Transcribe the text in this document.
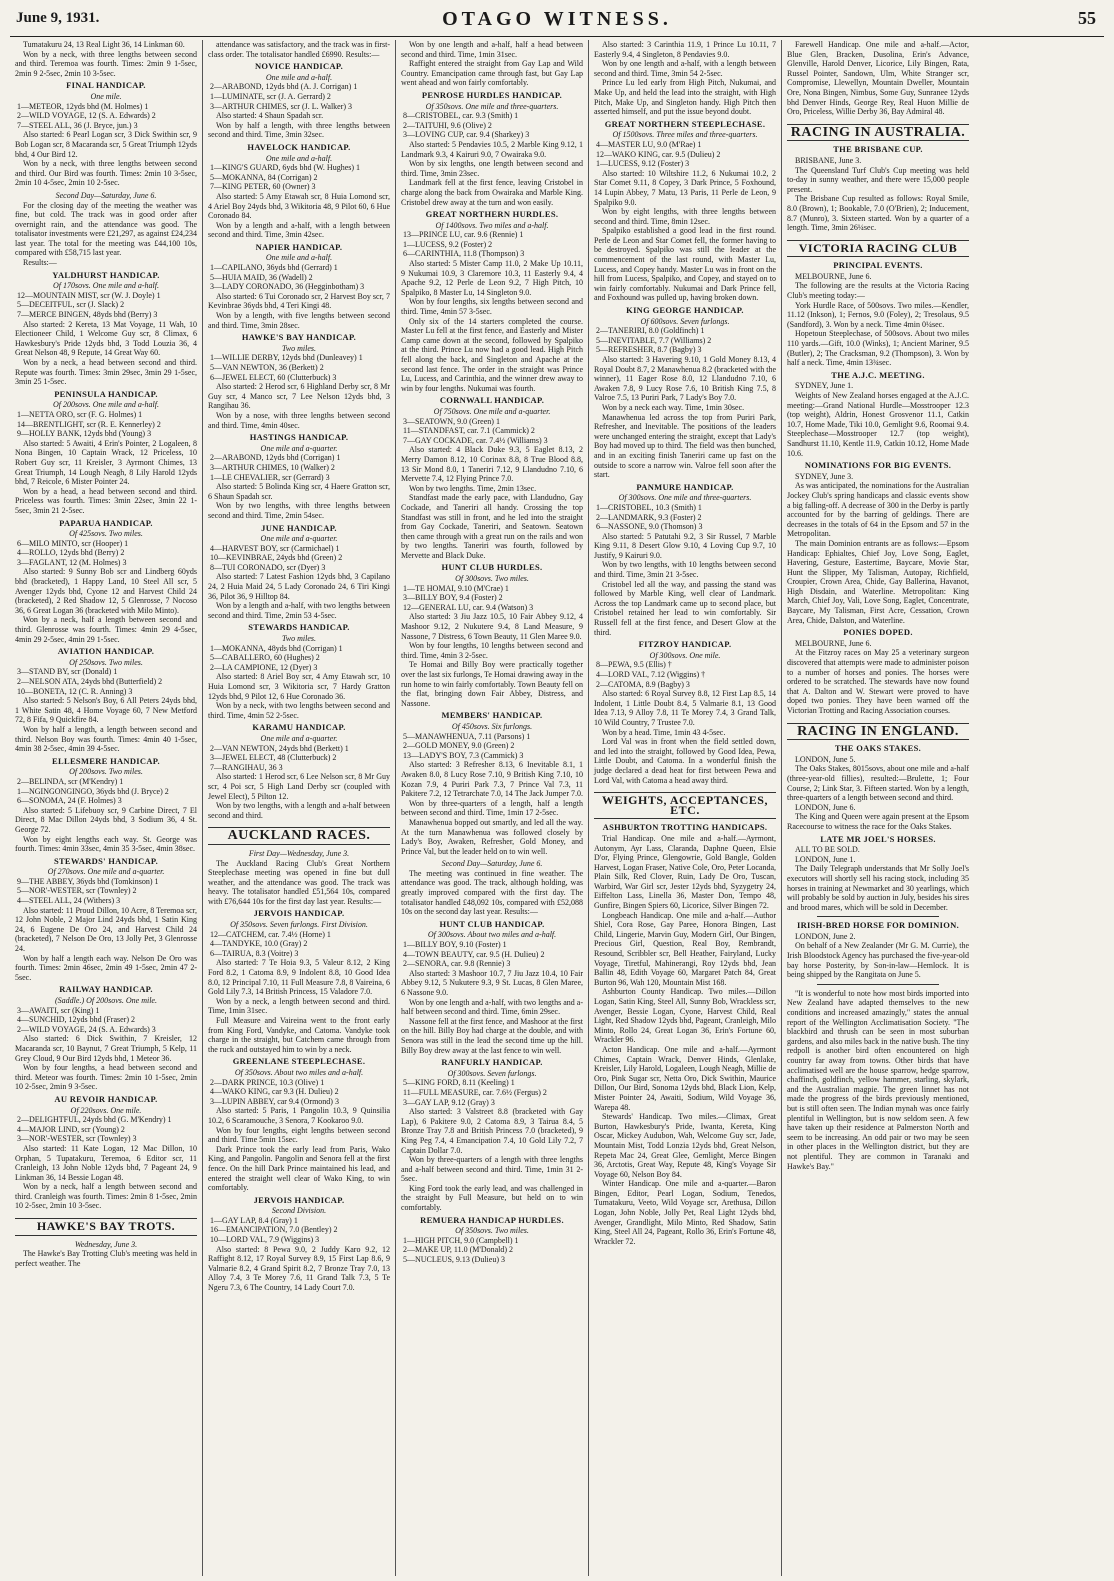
June 9, 1931.	OTAGO WITNESS.	55

Tumatakuru 24, 13 Real Light 36, 14 Linkman 60.

Won by a neck, with three lengths between second and third. Teremoa was fourth. Times: 2min 9 1-5sec, 2min 9 2-5sec, 2min 10 3-5sec.

FINAL HANDICAP.
One mile.
1—METEOR, 12yds bhd (M. Holmes) 1
2—WILD VOYAGE, 12 (S. A. Edwards) 2
7—STEEL ALL, 36 (J. Bryce, jun.) 3

Also started: 6 Pearl Logan scr, 3 Dick Swithin scr, 9 Bob Logan scr, 8 Macaranda scr, 5 Great Triumph 12yds bhd, 4 Our Bird 12.

Won by a neck, with three lengths between second and third. Our Bird was fourth. Times: 2min 10 3-5sec, 2min 10 4-5sec, 2min 10 2-5sec.

Second Day—Saturday, June 6.

For the closing day of the meeting the weather was fine, but cold. The track was in good order after overnight rain, and the attendance was good. The totalisator investments were £21,297, as against £24,234 last year. The total for the meeting was £44,100 10s, compared with £58,715 last year.

Results:—

YALDHURST HANDICAP.
Of 170sovs. One mile and a-half.
12—MOUNTAIN MIST, scr (W. J. Doyle) 1
5—DECEITFUL, scr (J. Slack) 2
7—MERCE BINGEN, 48yds bhd (Berry) 3

Also started: 2 Kereta, 13 Mat Voyage, 11 Wah, 10 Electioneer Child, 1 Welcome Guy scr, 8 Climax, 6 Hawkesbury's Pride 12yds bhd, 3 Todd Louzia 36, 4 Great Nelson 48, 9 Repute, 14 Great Way 60.

Won by a neck, a head between second and third. Repute was fourth. Times: 3min 29sec, 3min 29 1-5sec, 3min 25 1-5sec.

PENINSULA HANDICAP.
Of 200sovs. One mile and a-half.
1—NETTA ORO, scr (F. G. Holmes) 1
14—BRENTLIGHT, scr (R. E. Kennerley) 2
9—HOLLY BANK, 12yds bhd (Young) 3

Also started: 5 Awaiti, 4 Erin's Pointer, 2 Logaleen, 8 Nona Bingen, 10 Captain Wrack, 12 Priceless, 10 Robert Guy scr, 11 Kreisler, 3 Ayrmont Chimes, 13 Great Triumph, 14 Lough Neagh, 8 Lily Harold 12yds bhd, 7 Reicole, 6 Mister Pointer 24.

Won by a head, a head between second and third. Priceless was fourth. Times: 3min 22sec, 3min 22 1-5sec, 3min 21 2-5sec.

PAPARUA HANDICAP.
Of 425sovs. Two miles.
6—MILO MINTO, scr (Hooper) 1
4—ROLLO, 12yds bhd (Berry) 2
3—FAGLANT, 12 (M. Holmes) 3

Also started: 9 Sunny Bob scr and Lindberg 60yds bhd (bracketed), 1 Happy Land, 10 Steel All scr, 5 Avenger 12yds bhd, Cyone 12 and Harvest Child 24 (bracketed), 2 Red Shadow 12, 5 Glenrosse, 7 Nocoso 36, 6 Great Logan 36 (bracketed with Milo Minto).

Won by a neck, half a length between second and third. Glenrosse was fourth. Times: 4min 29 4-5sec, 4min 29 2-5sec, 4min 29 1-5sec.

AVIATION HANDICAP.
Of 250sovs. Two miles.
3—STAND BY, scr (Donald) 1
2—NELSON ATA, 24yds bhd (Butterfield) 2
10—BONETA, 12 (C. R. Anning) 3

Also started: 5 Nelson's Boy, 6 All Peters 24yds bhd, 1 White Satin 48, 4 Home Voyage 60, 7 New Metford 72, 8 Fifa, 9 Quickfire 84.

Won by half a length, a length between second and third. Nelson Boy was fourth. Times: 4min 40 1-5sec, 4min 38 2-5sec, 4min 39 4-5sec.

ELLESMERE HANDICAP.
Of 200sovs. Two miles.
2—BELINDA, scr (M'Kendry) 1
1—NGINGONGINGO, 36yds bhd (J. Bryce) 2
6—SONOMA, 24 (F. Holmes) 3

Also started: 5 Lifebuoy scr, 9 Carbine Direct, 7 El Direct, 8 Mac Dillon 24yds bhd, 3 Sodium 36, 4 St. George 72.

Won by eight lengths each way. St. George was fourth. Times: 4min 33sec, 4min 35 3-5sec, 4min 38sec.

STEWARDS' HANDICAP.
Of 270sovs. One mile and a-quarter.
9—THE ABBEY, 36yds bhd (Tomkinson) 1
5—NOR'-WESTER, scr (Townley) 2
4—STEEL ALL, 24 (Withers) 3

Also started: 11 Proud Dillon, 10 Acre, 8 Teremoa scr, 12 John Noble, 2 Major Lind 24yds bhd, 1 Satin King 24, 6 Eugene De Oro 24, and Harvest Child 24 (bracketed), 7 Nelson De Oro, 13 Jolly Pet, 3 Glenrosse 24.

Won by half a length each way. Nelson De Oro was fourth. Times: 2min 46sec, 2min 49 1-5sec, 2min 47 2-5sec.

RAILWAY HANDICAP.
(Saddle.) Of 200sovs. One mile.
3—AWAITI, scr (King) 1
4—SUNCHID, 12yds bhd (Fraser) 2
2—WILD VOYAGE, 24 (S. A. Edwards) 3

Also started: 6 Dick Swithin, 7 Kreisler, 12 Macaranda scr, 10 Baynut, 7 Great Triumph, 5 Kelp, 11 Grey Cloud, 9 Our Bird 12yds bhd, 1 Meteor 36.

Won by four lengths, a head between second and third. Meteor was fourth. Times: 2min 10 1-5sec, 2min 10 2-5sec, 2min 9 3-5sec.

AU REVOIR HANDICAP.
Of 220sovs. One mile.
2—DELIGHTFUL, 24yds bhd (G. M'Kendry) 1
4—MAJOR LIND, scr (Young) 2
3—NOR'-WESTER, scr (Townley) 3

Also started: 11 Kate Logan, 12 Mac Dillon, 10 Orphan, 5 Tupatakuru, Teremoa, 6 Editor scr, 11 Cranleigh, 13 John Noble 12yds bhd, 7 Pageant 24, 9 Linkman 36, 14 Bessie Logan 48.

Won by a neck, half a length between second and third. Cranleigh was fourth. Times: 2min 8 1-5sec, 2min 10 2-5sec, 2min 10 3-5sec.

HAWKE'S BAY TROTS.
Wednesday, June 3.

The Hawke's Bay Trotting Club's meeting was held in perfect weather. The

attendance was satisfactory, and the track was in first-class order. The totalisator handled £6990. Results:—

NOVICE HANDICAP.
One mile and a-half.
2—ARABOND, 12yds bhd (A. J. Corrigan) 1
1—LUMINATE, scr (J. A. Gerrard) 2
3—ARTHUR CHIMES, scr (J. L. Walker) 3

Also started: 4 Shaun Spadah scr.

Won by half a length, with three lengths between second and third. Time, 3min 32sec.

HAVELOCK HANDICAP.
One mile and a-half.
1—KING'S GUARD, 6yds bhd (W. Hughes) 1
5—MOKANNA, 84 (Corrigan) 2
7—KING PETER, 60 (Owner) 3

Also started: 5 Amy Etawah scr, 8 Huia Lomond scr, 4 Ariel Boy 24yds bhd, 3 Wikitoria 48, 9 Pilot 60, 6 Hue Coronado 84.

Won by a length and a-half, with a length between second and third. Time, 3min 42sec.

NAPIER HANDICAP.
One mile and a-half.
1—CAPILANO, 36yds bhd (Gerrard) 1
5—HUIA MAID, 36 (Wadell) 2
3—LADY CORONADO, 36 (Hegginbotham) 3

Also started: 6 Tui Coronado scr, 2 Harvest Boy scr, 7 Kevinbrae 36yds bhd, 4 Teri Kingi 48.

Won by a length, with five lengths between second and third. Time, 3min 28sec.

HAWKE'S BAY HANDICAP.
Two miles.
1—WILLIE DERBY, 12yds bhd (Dunleavey) 1
5—VAN NEWTON, 36 (Berkett) 2
6—JEWEL ELECT, 60 (Clutterbuck) 3

Also started: 2 Herod scr, 6 Highland Derby scr, 8 Mr Guy scr, 4 Manco scr, 7 Lee Nelson 12yds bhd, 3 Rangihau 36.

Won by a nose, with three lengths between second and third. Time, 4min 40sec.

HASTINGS HANDICAP.
One mile and a-quarter.
2—ARABOND, 12yds bhd (Corrigan) 1
3—ARTHUR CHIMES, 10 (Walker) 2
1—LE CHEVALIER, scr (Gerrard) 3

Also started: 5 Bolinda King scr, 4 Haere Gratton scr, 6 Shaun Spadah scr.

Won by two lengths, with three lengths between second and third. Time, 2min 54sec.

JUNE HANDICAP.
One mile and a-quarter.
4—HARVEST BOY, scr (Carmichael) 1
10—KEVINBRAE, 24yds bhd (Green) 2
8—TUI CORONADO, scr (Dyer) 3

Also started: 7 Latest Fashion 12yds bhd, 3 Capilano 24, 2 Huia Maid 24, 5 Lady Coronado 24, 6 Tiri Kingi 36, Pilot 36, 9 Hilltop 84.

Won by a length and a-half, with two lengths between second and third. Time, 2min 53 4-5sec.

STEWARDS HANDICAP.
Two miles.
1—MOKANNA, 48yds bhd (Corrigan) 1
5—CABALLERO, 60 (Hughes) 2
2—LA CAMPIONE, 12 (Dyer) 3

Also started: 8 Ariel Boy scr, 4 Amy Etawah scr, 10 Huia Lomond scr, 3 Wikitoria scr, 7 Hardy Gratton 12yds bhd, 9 Pilot 12, 6 Hue Coronado 36.

Won by a neck, with two lengths between second and third. Time, 4min 52 2-5sec.

KARAMU HANDICAP.
One mile and a-quarter.
2—VAN NEWTON, 24yds bhd (Berkett) 1
3—JEWEL ELECT, 48 (Clutterbuck) 2
7—RANGIHAU, 36 3

Also started: 1 Herod scr, 6 Lee Nelson scr, 8 Mr Guy scr, 4 Poi scr, 5 High Land Derby scr (coupled with Jewel Elect), 5 Pilton 12.

Won by two lengths, with a length and a-half between second and third.

AUCKLAND RACES.
First Day—Wednesday, June 3.

The Auckland Racing Club's Great Northern Steeplechase meeting was opened in fine but dull weather, and the attendance was good. The track was heavy. The totalisator handled £51,564 10s, compared with £76,644 10s for the first day last year. Results:—

JERVOIS HANDICAP.
Of 350sovs. Seven furlongs. First Division.
12—CATCHEM, car. 7.4½ (Horne) 1
4—TANDYKE, 10.0 (Gray) 2
6—TAIRUA, 8.3 (Voitre) 3

Also started: 7 Te Hoia 9.3, 5 Valeur 8.12, 2 King Ford 8.2, 1 Catoma 8.9, 9 Indolent 8.8, 10 Good Idea 8.0, 12 Principal 7.10, 11 Full Measure 7.8, 8 Vaireina, 6 Gold Lily 7.3, 14 British Princess, 15 Valadore 7.0.

Won by a neck, a length between second and third. Time, 1min 31sec.

Full Measure and Vaireina went to the front early from King Ford, Vandyke, and Catoma. Vandyke took charge in the straight, but Catchem came through from the ruck and outstayed him to win by a neck.

GREENLANE STEEPLECHASE.
Of 350sovs. About two miles and a-half.
2—DARK PRINCE, 10.3 (Olive) 1
4—WAKO KING, car 9.3 (H. Dulieu) 2
3—LUPIN ABBEY, car 9.4 (Ormond) 3

Also started: 5 Paris, 1 Pangolin 10.3, 9 Quinsilia 10.2, 6 Scaramouche, 3 Senora, 7 Kookaroo 9.0.

Won by four lengths, eight lengths between second and third. Time 5min 15sec.

Dark Prince took the early lead from Paris, Wako King, and Pangolin. Pangolin and Senora fell at the first fence. On the hill Dark Prince maintained his lead, and entered the straight well clear of Wako King, to win comfortably.

JERVOIS HANDICAP.
Second Division.
1—GAY LAP, 8.4 (Gray) 1
16—EMANCIPATION, 7.0 (Bentley) 2
10—LORD VAL, 7.9 (Wiggins) 3

Also started: 8 Pewa 9.0, 2 Juddy Karo 9.2, 12 Raffight 8.12, 17 Royal Survey 8.9, 15 First Lap 8.6, 9 Valmarie 8.2, 4 Grand Spirit 8.2, 7 Bronze Tray 7.0, 13 Alloy 7.4, 3 Te Morey 7.6, 11 Grand Talk 7.3, 5 Te Ngeru 7.3, 6 The Country, 14 Lady Court 7.0.

Won by one length and a-half, half a head between second and third. Time, 1min 31sec.

Raffight entered the straight from Gay Lap and Wild Country. Emancipation came through fast, but Gay Lap went ahead and won fairly comfortably.

PENROSE HURDLES HANDICAP.
Of 350sovs. One mile and three-quarters.
8—CRISTOBEL, car. 9.3 (Smith) 1
2—TAITUHI, 9.6 (Olive) 2
3—LOVING CUP, car. 9.4 (Sharkey) 3

Also started: 5 Pendavies 10.5, 2 Marble King 9.12, 1 Landmark 9.3, 4 Kairuri 9.0, 7 Owairaka 9.0.

Won by six lengths, one length between second and third. Time, 3min 23sec.

Landmark fell at the first fence, leaving Cristobel in charge along the back from Owairaka and Marble King. Cristobel drew away at the turn and won easily.

GREAT NORTHERN HURDLES.
Of 1400sovs. Two miles and a-half.
13—PRINCE LU, car. 9.6 (Rennie) 1
1—LUCESS, 9.2 (Foster) 2
6—CARINTHIA, 11.8 (Thompson) 3

Also started: 5 Mister Camp 11.0, 2 Make Up 10.11, 9 Nukumai 10.9, 3 Claremore 10.3, 11 Easterly 9.4, 4 Apache 9.2, 12 Perle de Leon 9.2, 7 High Pitch, 10 Spalpiko, 8 Master Lu, 14 Singleton 9.0.

Won by four lengths, six lengths between second and third. Time, 4min 57 3-5sec.

Only six of the 14 starters completed the course. Master Lu fell at the first fence, and Easterly and Mister Camp came down at the second, followed by Spalpiko at the third. Prince Lu now had a good lead. High Pitch fell along the back, and Singleton and Apache at the second last fence. The order in the straight was Prince Lu, Lucess, and Carinthia, and the winner drew away to win by four lengths. Nukumai was fourth.

CORNWALL HANDICAP.
Of 750sovs. One mile and a-quarter.
3—SEATOWN, 9.0 (Green) 1
11—STANDFAST, car. 7.1 (Cammick) 2
7—GAY COCKADE, car. 7.4½ (Williams) 3

Also started: 4 Black Duke 9.3, 5 Eaglet 8.13, 2 Merry Damon 8.12, 10 Corinax 8.8, 8 True Blood 8.8, 13 Sir Mond 8.0, 1 Taneriri 7.12, 9 Llandudno 7.10, 6 Mervette 7.4, 12 Flying Prince 7.0.

Won by two lengths. Time, 2min 13sec.

Standfast made the early pace, with Llandudno, Gay Cockade, and Taneriri all handy. Crossing the top Standfast was still in front, and he led into the straight from Gay Cockade, Taneriri, and Seatown. Seatown then came through with a great run on the rails and won by two lengths. Taneriri was fourth, followed by Mervette and Black Duke.

HUNT CLUB HURDLES.
Of 300sovs. Two miles.
1—TE HOMAI, 9.10 (M'Crae) 1
3—BILLY BOY, 9.4 (Foster) 2
12—GENERAL LU, car. 9.4 (Watson) 3

Also started: 3 Jiu Jazz 10.5, 10 Fair Abbey 9.12, 4 Mashoor 9.12, 2 Nukutere 9.4, 8 Land Measure, 9 Nassone, 7 Distress, 6 Town Beauty, 11 Glen Maree 9.0.

Won by four lengths, 10 lengths between second and third. Time, 4min 3 2-5sec.

Te Homai and Billy Boy were practically together over the last six furlongs, Te Homai drawing away in the run home to win fairly comfortably. Town Beauty fell on the flat, bringing down Fair Abbey, Distress, and Nassone.

MEMBERS' HANDICAP.
Of 450sovs. Six furlongs.
5—MANAWHENUA, 7.11 (Parsons) 1
2—GOLD MONEY, 9.0 (Green) 2
13—LADY'S BOY, 7.3 (Cammick) 3

Also started: 3 Refresher 8.13, 6 Inevitable 8.1, 1 Awaken 8.0, 8 Lucy Rose 7.10, 9 British King 7.10, 10 Kozan 7.9, 4 Puriri Park 7.3, 7 Prince Val 7.3, 11 Pakitere 7.2, 12 Tetrarchate 7.0, 14 The Jack Jumper 7.0.

Won by three-quarters of a length, half a length between second and third. Time, 1min 17 2-5sec.

Manawhenua bopped out smartly, and led all the way. At the turn Manawhenua was followed closely by Lady's Boy, Awaken, Refresher, Gold Money, and Prince Val, but the leader held on to win well.

Second Day—Saturday, June 6.

The meeting was continued in fine weather. The attendance was good. The track, although holding, was greatly improved compared with the first day. The totalisator handled £48,092 10s, compared with £52,088 10s on the second day last year. Results:—

HUNT CLUB HANDICAP.
Of 300sovs. About two miles and a-half.
1—BILLY BOY, 9.10 (Foster) 1
4—TOWN BEAUTY, car. 9.5 (H. Dulieu) 2
2—SENORA, car. 9.8 (Rennie) 3

Also started: 3 Mashoor 10.7, 7 Jiu Jazz 10.4, 10 Fair Abbey 9.12, 5 Nukutere 9.3, 9 St. Lucas, 8 Glen Maree, 6 Nassone 9.0.

Won by one length and a-half, with two lengths and a-half between second and third. Time, 6min 29sec.

Nassone fell at the first fence, and Mashoor at the first on the hill. Billy Boy had charge at the double, and with Senora was still in the lead the second time up the hill. Billy Boy drew away at the last fence to win well.

RANFURLY HANDICAP.
Of 300sovs. Seven furlongs.
5—KING FORD, 8.11 (Keeling) 1
11—FULL MEASURE, car. 7.6½ (Fergus) 2
3—GAY LAP, 9.12 (Gray) 3

Also started: 3 Valstreet 8.8 (bracketed with Gay Lap), 6 Pakitere 9.0, 2 Catoma 8.9, 3 Tairua 8.4, 5 Bronze Tray 7.8 and British Princess 7.0 (bracketed), 9 King Peg 7.4, 4 Emancipation 7.4, 10 Gold Lily 7.2, 7 Captain Dollar 7.0.

Won by three-quarters of a length with three lengths and a-half between second and third. Time, 1min 31 2-5sec.

King Ford took the early lead, and was challenged in the straight by Full Measure, but held on to win comfortably.

REMUERA HANDICAP HURDLES.
Of 350sovs. Two miles.
1—HIGH PITCH, 9.0 (Campbell) 1
2—MAKE UP, 11.0 (M'Donald) 2
5—NUCLEUS, 9.13 (Dulieu) 3

Also started: 3 Carinthia 11.9, 1 Prince Lu 10.11, 7 Easterly 9.4, 4 Singleton, 8 Pendavies 9.0.

Won by one length and a-half, with a length between second and third. Time, 3min 54 2-5sec.

Prince Lu led early from High Pitch, Nukumai, and Make Up, and held the lead into the straight, with High Pitch, Make Up, and Singleton handy. High Pitch then asserted himself, and put the issue beyond doubt.

GREAT NORTHERN STEEPLECHASE.
Of 1500sovs. Three miles and three-quarters.
4—MASTER LU, 9.0 (M'Rae) 1
12—WAKO KING, car. 9.5 (Dulieu) 2
1—LUCESS, 9.12 (Foster) 3

Also started: 10 Wiltshire 11.2, 6 Nukumai 10.2, 2 Star Comet 9.11, 8 Copey, 3 Dark Prince, 5 Foxhound, 14 Lupin Abbey, 7 Matu, 13 Paris, 11 Perle de Leon, 9 Spalpiko 9.0.

Won by eight lengths, with three lengths between second and third. Time, 8min 12sec.

Spalpiko established a good lead in the first round. Perle de Leon and Star Comet fell, the former having to be destroyed. Spalpiko was still the leader at the commencement of the last round, with Master Lu, Lucess, and Copey handy. Master Lu was in front on the hill from Lucess, Spalpiko, and Copey, and stayed on to win fairly comfortably. Nukumai and Dark Prince fell, and Foxhound was pulled up, having broken down.

KING GEORGE HANDICAP.
Of 600sovs. Seven furlongs.
2—TANERIRI, 8.0 (Goldfinch) 1
5—INEVITABLE, 7.7 (Williams) 2
5—REFRESHER, 8.7 (Bagby) 3

Also started: 3 Havering 9.10, 1 Gold Money 8.13, 4 Royal Doubt 8.7, 2 Manawhenua 8.2 (bracketed with the winner), 11 Eager Rose 8.0, 12 Llandudno 7.10, 6 Awaken 7.8, 9 Lucy Rose 7.6, 10 British King 7.5, 8 Valroe 7.5, 13 Puriri Park, 7 Lady's Boy 7.0.

Won by a neck each way. Time, 1min 30sec.

Manawhenua led across the top from Puriri Park, Refresher, and Inevitable. The positions of the leaders were unchanged entering the straight, except that Lady's Boy had moved up to third. The field was then bunched, and in an exciting finish Taneriri came up fast on the outside to score a narrow win. Valroe fell soon after the start.

PANMURE HANDICAP.
Of 300sovs. One mile and three-quarters.
1—CRISTOBEL, 10.3 (Smith) 1
2—LANDMARK, 9.3 (Foster) 2
6—NASSONE, 9.0 (Thomson) 3

Also started: 5 Patutahi 9.2, 3 Sir Russel, 7 Marble King 9.11, 8 Desert Glow 9.10, 4 Loving Cup 9.7, 10 Justify, 9 Kairuri 9.0.

Won by two lengths, with 10 lengths between second and third. Time, 3min 21 3-5sec.

Cristobel led all the way, and passing the stand was followed by Marble King, well clear of Landmark. Across the top Landmark came up to second place, but Cristobel retained her lead to win comfortably. Sir Russell fell at the first fence, and Desert Glow at the third.

FITZROY HANDICAP.
Of 300sovs. One mile.
8—PEWA, 9.5 (Ellis) †
4—LORD VAL, 7.12 (Wiggins) †
2—CATOMA, 8.9 (Bagby) 3

Also started: 6 Royal Survey 8.8, 12 First Lap 8.5, 14 Indolent, 1 Little Doubt 8.4, 5 Valmarie 8.1, 13 Good Idea 7.13, 9 Alloy 7.8, 11 Te Morey 7.4, 3 Grand Talk, 10 Wild Country, 7 Trustee 7.0.

Won by a head. Time, 1min 43 4-5sec.

Lord Val was in front when the field settled down, and led into the straight, followed by Good Idea, Pewa, Little Doubt, and Catoma. In a wonderful finish the judge declared a dead heat for first between Pewa and Lord Val, with Catoma a head away third.

WEIGHTS, ACCEPTANCES, ETC.
ASHBURTON TROTTING HANDICAPS.

Trial Handicap. One mile and a-half.—Ayrmont, Autonym, Ayr Lass, Claranda, Daphne Queen, Elsie D'or, Flying Prince, Glengowrie, Gold Bangle, Golden Harvest, Logan Fraser, Native Cole, Oro, Peter Locanda, Plain Silk, Red Clover, Ruin, Lady De Oro, Tuscan, Warbird, War Girl scr, Jester 12yds bhd, Syzygetry 24, Eiffelton Lass, Linella 36, Master Don, Tempo 48, Gunfire, Bingen Spiers 60, Licorice, Silver Bingen 72.

Longbeach Handicap. One mile and a-half.—Author Shiel, Cora Rose, Gay Paree, Honora Bingen, Last Child, Lingerie, Marvin Guy, Modern Girl, Our Bingen, Precious Girl, Question, Real Boy, Rembrandt, Resound, Scribbler scr, Bell Heather, Fairyland, Lucky Voyage, Tiretful, Mahinerangi, Roy 12yds bhd, Jean Ballin 48, Edith Voyage 60, Margaret Patch 84, Great Burton 96, Wah 120, Mountain Mist 168.

Ashburton County Handicap. Two miles.—Dillon Logan, Satin King, Steel All, Sunny Bob, Wrackless scr, Avenger, Bessie Logan, Cyone, Harvest Child, Real Light, Red Shadow 12yds bhd, Pageant, Cranleigh, Milo Minto, Rollo 24, Great Logan 36, Erin's Fortune 60, Wrackler 96.

Acton Handicap. One mile and a-half.—Ayrmont Chimes, Captain Wrack, Denver Hinds, Glenlake, Kreisler, Lily Harold, Logaleen, Lough Neagh, Millie de Oro, Pink Sugar scr, Netta Oro, Dick Swithin, Maurice Dillon, Our Bird, Sonoma 12yds bhd, Black Lion, Kelp, Mister Pointer 24, Awaiti, Sodium, Wild Voyage 36, Warepa 48.

Stewards' Handicap. Two miles.—Climax, Great Burton, Hawkesbury's Pride, Iwanta, Kereta, King Oscar, Mickey Audubon, Wah, Welcome Guy scr, Jade, Mountain Mist, Todd Lonzia 12yds bhd, Great Nelson, Repeta Mac 24, Great Glee, Gemlight, Merce Bingen 36, Arctotis, Great Way, Repute 48, King's Voyage Sir Voyage 60, Nelson Boy 84.

Winter Handicap. One mile and a-quarter.—Baron Bingen, Editor, Pearl Logan, Sodium, Tenedos, Tumatakuru, Veeto, Wild Voyage scr, Arethusa, Dillon Logan, John Noble, Jolly Pet, Real Light 12yds bhd, Avenger, Grandlight, Milo Minto, Red Shadow, Satin King, Steel All 24, Pageant, Rollo 36, Erin's Fortune 48, Wrackler 72.

Farewell Handicap. One mile and a-half.—Actor, Blue Glen, Bracken, Dusolina, Erin's Advance, Glenville, Harold Denver, Licorice, Lily Bingen, Rata, Russel Pointer, Sandown, Ulm, White Stranger scr, Compromise, Llewellyn, Mountain Dweller, Mountain Ore, Nona Bingen, Nimbus, Some Guy, Sunranee 12yds bhd Denver Hinds, George Rey, Real Huon Millie de Oro, Priceless, Willie Derby 36, Bay Admiral 48.

RACING IN AUSTRALIA.
THE BRISBANE CUP.

BRISBANE, June 3.

The Queensland Turf Club's Cup meeting was held to-day in sunny weather, and there were 15,000 people present.

The Brisbane Cup resulted as follows: Royal Smile, 8.0 (Brown), 1; Bookable, 7.0 (O'Brien), 2; Inducement, 8.7 (Munro), 3. Sixteen started. Won by a quarter of a length. Time, 3min 26¼sec.

VICTORIA RACING CLUB
PRINCIPAL EVENTS.

MELBOURNE, June 6.

The following are the results at the Victoria Racing Club's meeting today:—

York Hurdle Race, of 500sovs. Two miles.—Kendler, 11.12 (Inkson), 1; Fernos, 9.0 (Foley), 2; Tresolaus, 9.5 (Sandford), 3. Won by a neck. Time 4min 0¼sec.

Hopetoun Steeplechase, of 500sovs. About two miles 110 yards.—Gift, 10.0 (Winks), 1; Ancient Mariner, 9.5 (Butler), 2; The Cracksman, 9.2 (Thompson), 3. Won by half a neck. Time, 4min 13¾sec.

THE A.J.C. MEETING.

SYDNEY, June 1.

Weights of New Zealand horses engaged at the A.J.C. meeting:—Grand National Hurdle—Mosstrooper 12.3 (top weight), Aldrin, Honest Grosvenor 11.1, Catkin 10.7, Home Made, Tiki 10.0, Gemlight 9.6, Roomai 9.4. Steeplechase—Mosstrooper 12.7 (top weight), Sandhurst 11.10, Kentle 11.9, Catkin 10.12, Home Made 10.6.

NOMINATIONS FOR BIG EVENTS.

SYDNEY, June 3.

As was anticipated, the nominations for the Australian Jockey Club's spring handicaps and classic events show a big falling-off. A decrease of 300 in the Derby is partly accounted for by the barring of geldings. There are decreases in the totals of 64 in the Epsom and 57 in the Metropolitan.

The main Dominion entrants are as follows:—Epsom Handicap: Ephialtes, Chief Joy, Love Song, Eaglet, Havering, Gesture, Eastertime, Baycare, Movie Star, Hunt the Slipper, My Talisman, Autopay, Richfield, Croupier, Crown Area, Chide, Gay Ballerina, Havanot, High Disdain, and Waterline. Metropolitan: King March, Chief Joy, Vali, Love Song, Eaglet, Concentrate, Baycare, My Talisman, First Acre, Cessation, Crown Area, Chide, Dalston, and Waterline.

PONIES DOPED.

MELBOURNE, June 6.

At the Fitzroy races on May 25 a veterinary surgeon discovered that attempts were made to administer poison to a number of horses and ponies. The horses were ordered to be scratched. The stewards have now found that A. Dalton and W. Stewart were proved to have doped two ponies. They have been warned off the Victorian Trotting and Racing Association courses.

RACING IN ENGLAND.
THE OAKS STAKES.

LONDON, June 5.

The Oaks Stakes, 8015sovs, about one mile and a-half (three-year-old fillies), resulted:—Brulette, 1; Four Course, 2; Link Star, 3. Fifteen started. Won by a length, three-quarters of a length between second and third.

LONDON, June 6.

The King and Queen were again present at the Epsom Racecourse to witness the race for the Oaks Stakes.

LATE MR JOEL'S HORSES.

ALL TO BE SOLD.

LONDON, June 1.

The Daily Telegraph understands that Mr Solly Joel's executors will shortly sell his racing stock, including 35 horses in training at Newmarket and 30 yearlings, which will probably be sold by auction in July, besides his sires and brood mares, which will be sold in December.

IRISH-BRED HORSE FOR DOMINION.

LONDON, June 2.

On behalf of a New Zealander (Mr G. M. Currie), the Irish Bloodstock Agency has purchased the five-year-old bay horse Posterity, by Son-in-law—Hemlock. It is being shipped by the Rangitata on June 5.

"It is wonderful to note how most birds imported into New Zealand have adapted themselves to the new conditions and increased amazingly," states the annual report of the Wellington Acclimatisation Society. "The blackbird and thrush can be seen in most suburban gardens, and also miles back in the native bush. The tiny redpoll is another bird often encountered on high country far away from towns. Other birds that have acclimatised well are the house sparrow, hedge sparrow, chaffinch, goldfinch, yellow hammer, starling, skylark, and the Australian magpie. The green linnet has not made the progress of the birds previously mentioned, but is still often seen. The Indian mynah was once fairly plentiful in Wellington, but is now seldom seen. A few have taken up their residence at Palmerston North and seem to be increasing. An odd pair or two may be seen in other places in the Wellington district, but they are not plentiful. They are common in Taranaki and Hawke's Bay."
